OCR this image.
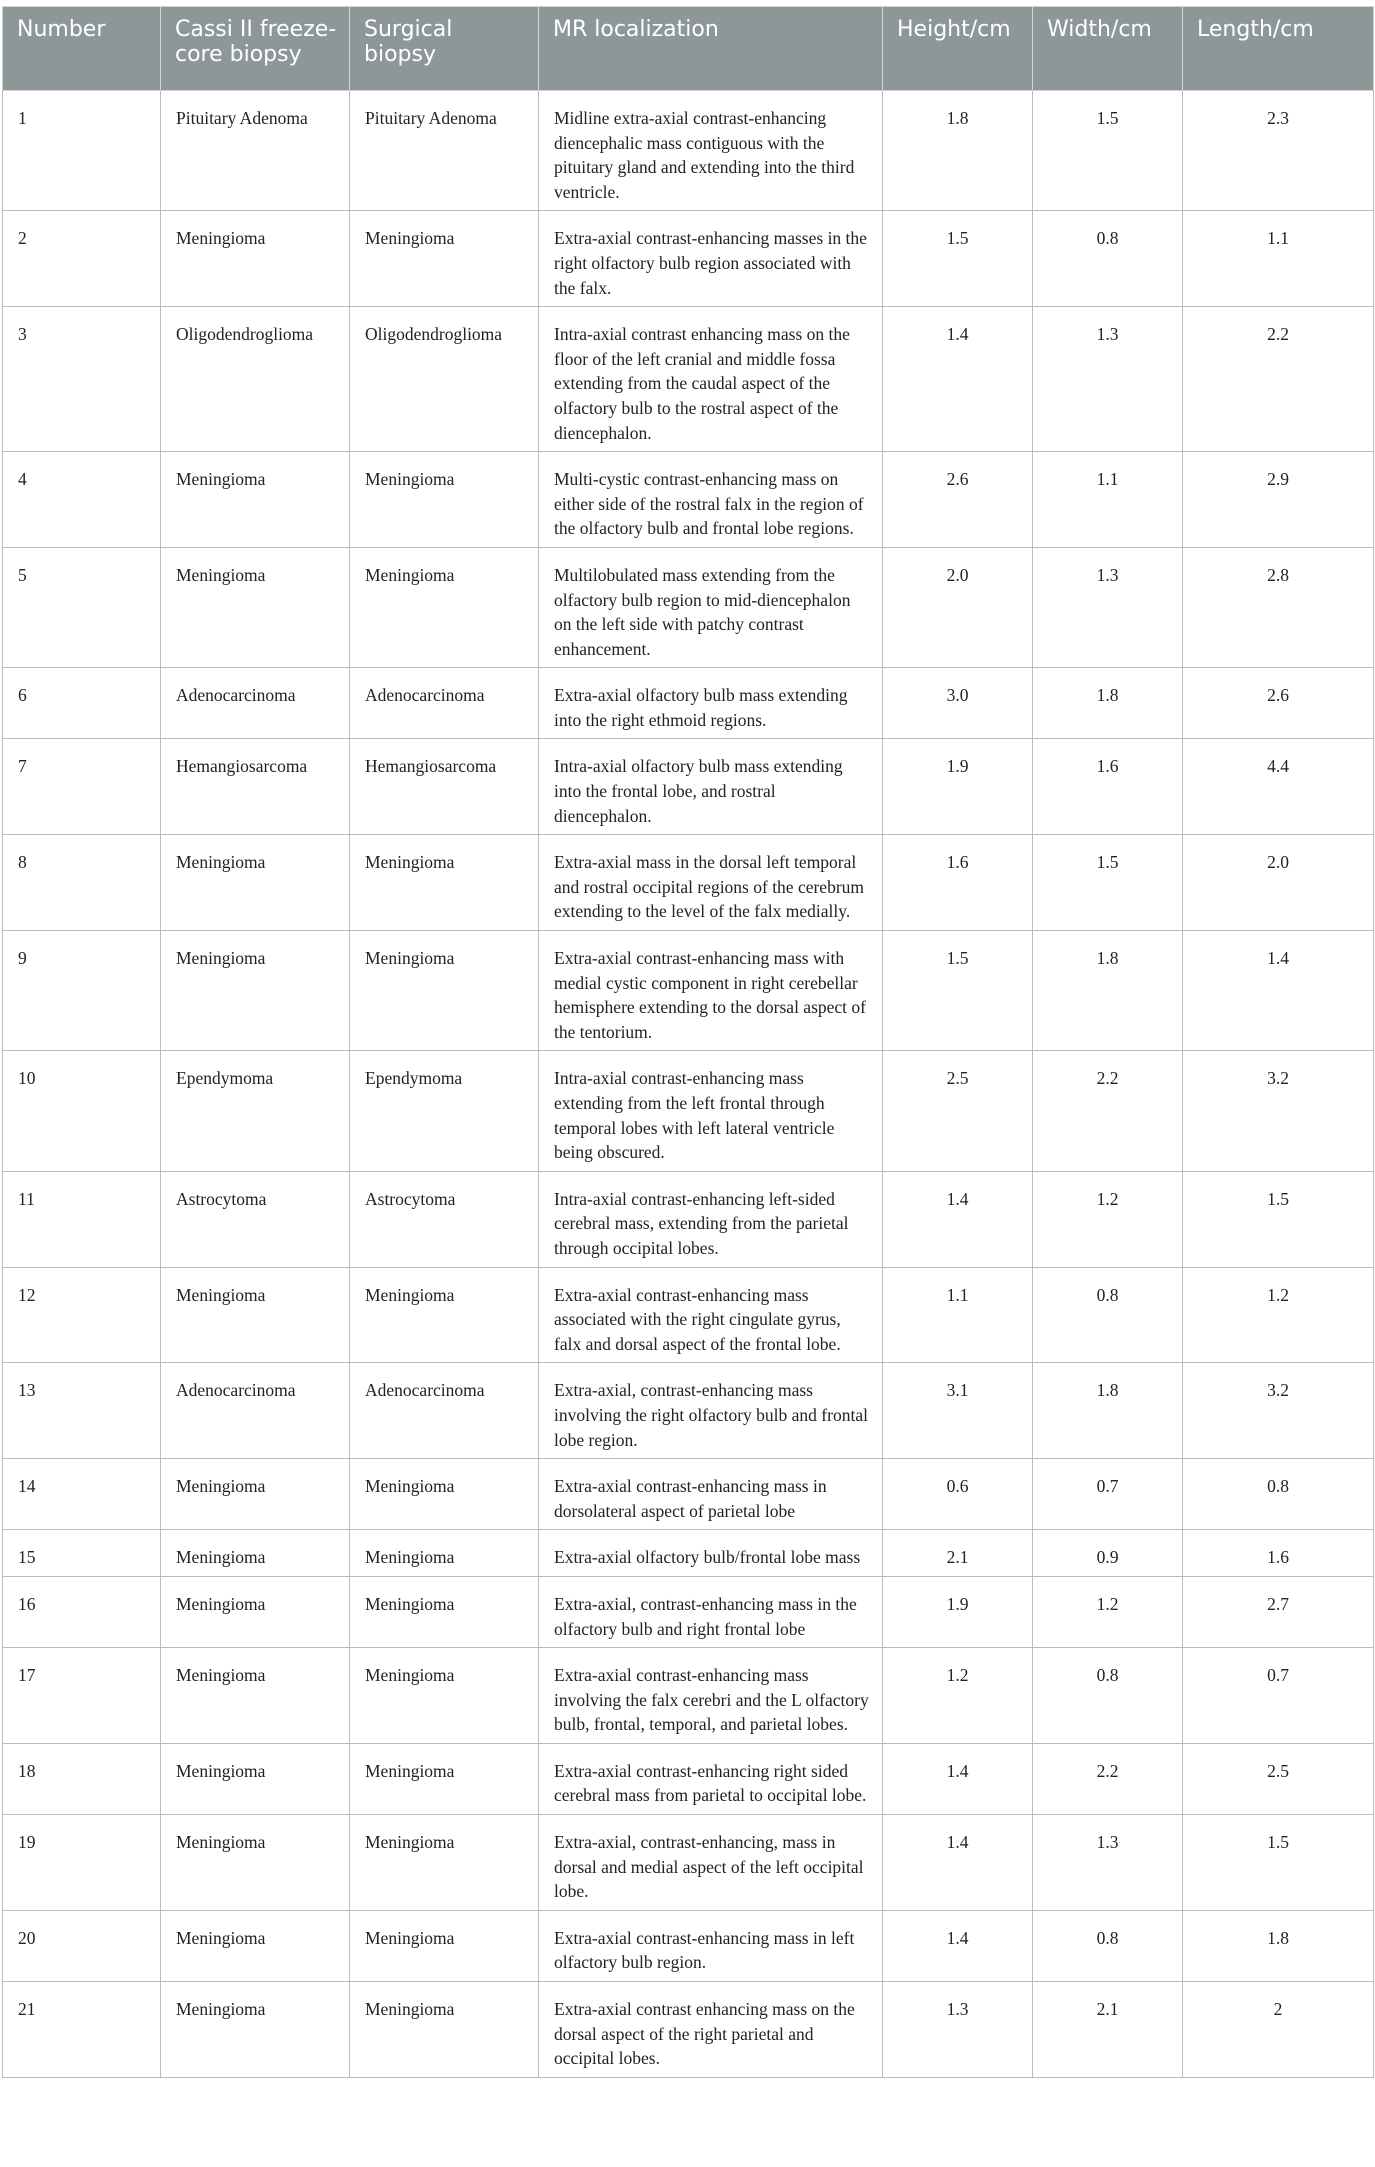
Number	Cassi II freeze-core biopsy	Surgical biopsy	MR localization	Height/cm	Width/cm	Length/cm
1	Pituitary Adenoma	Pituitary Adenoma	Midline extra-axial contrast-enhancing diencephalic mass contiguous with the pituitary gland and extending into the third ventricle.	1.8	1.5	2.3
2	Meningioma	Meningioma	Extra-axial contrast-enhancing masses in the right olfactory bulb region associated with the falx.	1.5	0.8	1.1
3	Oligodendroglioma	Oligodendroglioma	Intra-axial contrast enhancing mass on the floor of the left cranial and middle fossa extending from the caudal aspect of the olfactory bulb to the rostral aspect of the diencephalon.	1.4	1.3	2.2
4	Meningioma	Meningioma	Multi-cystic contrast-enhancing mass on either side of the rostral falx in the region of the olfactory bulb and frontal lobe regions.	2.6	1.1	2.9
5	Meningioma	Meningioma	Multilobulated mass extending from the olfactory bulb region to mid-diencephalon on the left side with patchy contrast enhancement.	2.0	1.3	2.8
6	Adenocarcinoma	Adenocarcinoma	Extra-axial olfactory bulb mass extending into the right ethmoid regions.	3.0	1.8	2.6
7	Hemangiosarcoma	Hemangiosarcoma	Intra-axial olfactory bulb mass extending into the frontal lobe, and rostral diencephalon.	1.9	1.6	4.4
8	Meningioma	Meningioma	Extra-axial mass in the dorsal left temporal and rostral occipital regions of the cerebrum extending to the level of the falx medially.	1.6	1.5	2.0
9	Meningioma	Meningioma	Extra-axial contrast-enhancing mass with medial cystic component in right cerebellar hemisphere extending to the dorsal aspect of the tentorium.	1.5	1.8	1.4
10	Ependymoma	Ependymoma	Intra-axial contrast-enhancing mass extending from the left frontal through temporal lobes with left lateral ventricle being obscured.	2.5	2.2	3.2
11	Astrocytoma	Astrocytoma	Intra-axial contrast-enhancing left-sided cerebral mass, extending from the parietal through occipital lobes.	1.4	1.2	1.5
12	Meningioma	Meningioma	Extra-axial contrast-enhancing mass associated with the right cingulate gyrus, falx and dorsal aspect of the frontal lobe.	1.1	0.8	1.2
13	Adenocarcinoma	Adenocarcinoma	Extra-axial, contrast-enhancing mass involving the right olfactory bulb and frontal lobe region.	3.1	1.8	3.2
14	Meningioma	Meningioma	Extra-axial contrast-enhancing mass in dorsolateral aspect of parietal lobe	0.6	0.7	0.8
15	Meningioma	Meningioma	Extra-axial olfactory bulb/frontal lobe mass	2.1	0.9	1.6
16	Meningioma	Meningioma	Extra-axial, contrast-enhancing mass in the olfactory bulb and right frontal lobe	1.9	1.2	2.7
17	Meningioma	Meningioma	Extra-axial contrast-enhancing mass involving the falx cerebri and the L olfactory bulb, frontal, temporal, and parietal lobes.	1.2	0.8	0.7
18	Meningioma	Meningioma	Extra-axial contrast-enhancing right sided cerebral mass from parietal to occipital lobe.	1.4	2.2	2.5
19	Meningioma	Meningioma	Extra-axial, contrast-enhancing, mass in dorsal and medial aspect of the left occipital lobe.	1.4	1.3	1.5
20	Meningioma	Meningioma	Extra-axial contrast-enhancing mass in left olfactory bulb region.	1.4	0.8	1.8
21	Meningioma	Meningioma	Extra-axial contrast enhancing mass on the dorsal aspect of the right parietal and occipital lobes.	1.3	2.1	2
